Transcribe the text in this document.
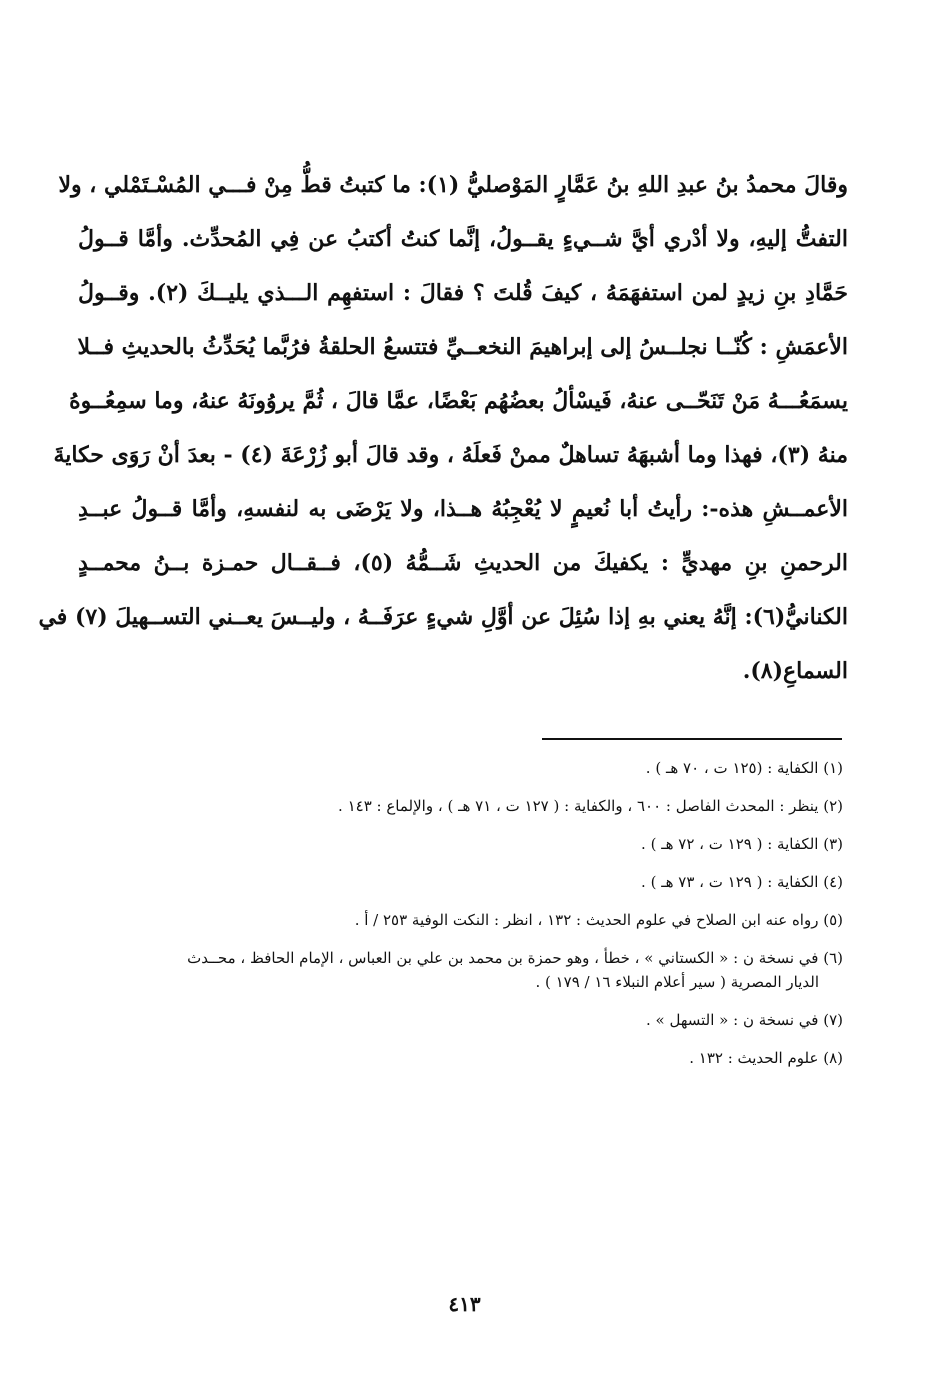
وقالَ محمدُ بنُ عبدِ اللهِ بنُ عَمَّارٍ المَوْصليُّ (١): ما كتبتُ قطُّ مِنْ فـــي المُسْـتَمْلي ، ولا
التفتُّ إليهِ، ولا أدْري أيَّ شــيءٍ يقــولُ، إنَّما كنتُ أكتبُ عن فِي المُحدِّث. وأمَّا قــولُ
حَمَّادِ بنِ زيدٍ لمن استفهَمَهُ ، كيفَ قُلتَ ؟ فقالَ : استفهِم الـــذي يليــكَ (٢). وقــولُ
الأعمَشِ : كُنّــا نجلــسُ إلى إبراهيمَ النخعــيِّ فتتسعُ الحلقةُ فرُبَّما يُحَدِّثُ بالحديثِ فــلا
يسمَعُـــهُ مَنْ تَنَحّــى عنهُ، فَيسْألُ بعضُهُم بَعْضًا، عمَّا قالَ ، ثُمَّ يروُونَهُ عنهُ، وما سمِعُــوهُ
منهُ (٣)، فهذا وما أشبهَهُ تساهلٌ ممنْ فَعلَهُ ، وقد قالَ أبو زُرْعَةَ (٤) - بعدَ أنْ رَوَى حكايةَ
الأعمــشِ هذه-: رأيتُ أبا نُعيمٍ لا يُعْجِبُهُ هــذا، ولا يَرْضَى به لنفسهِ، وأمَّا قــولُ عبــدِ
الرحمنِ بنِ مهديٍّ : يكفيكَ من الحديثِ شَــمُّهُ (٥)، فــقــال حمـزة بــنُ محمــدٍ
الكنانيُّ(٦): إنَّهُ يعني بهِ إذا سُئِلَ عن أوَّلِ شيءٍ عرَفَــهُ ، وليــسَ يعــني التســهيلَ (٧) في
السماعِ(٨).
(١) الكفاية : (١٢٥ ت ، ٧٠ هـ ) .
(٢) ينظر : المحدث الفاصل : ٦٠٠ ، والكفاية : ( ١٢٧ ت ، ٧١ هـ ) ، والإلماع : ١٤٣ .
(٣) الكفاية : ( ١٢٩ ت ، ٧٢ هـ ) .
(٤) الكفاية : ( ١٢٩ ت ، ٧٣ هـ ) .
(٥) رواه عنه ابن الصلاح في علوم الحديث : ١٣٢ ، انظر : النكت الوفية ٢٥٣ / أ .
(٦) في نسخة ن : « الكستاني » ، خطأ ، وهو حمزة بن محمد بن علي بن العباس ، الإمام الحافظ ، محــدث
الديار المصرية ( سير أعلام النبلاء ١٦ / ١٧٩ ) .
(٧) في نسخة ن : « التسهل » .
(٨) علوم الحديث : ١٣٢ .
٤١٣
